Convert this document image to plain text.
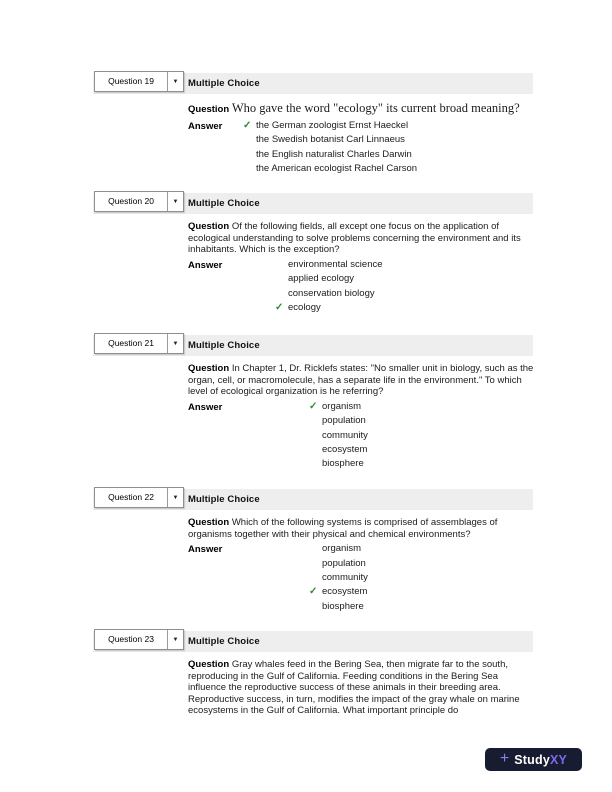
Question 19	▼ Multiple Choice

Question Who gave the word "ecology" its current broad meaning?

Answer ✓ the German zoologist Ernst Haeckel
the Swedish botanist Carl Linnaeus
the English naturalist Charles Darwin
the American ecologist Rachel Carson
Question 20	▼ Multiple Choice

Question Of the following fields, all except one focus on the application of ecological understanding to solve problems concerning the environment and its inhabitants. Which is the exception?

Answer	environmental science
applied ecology
conservation biology
✓ ecology
Question 21	▼ Multiple Choice

Question In Chapter 1, Dr. Ricklefs states: "No smaller unit in biology, such as the organ, cell, or macromolecule, has a separate life in the environment." To which level of ecological organization is he referring?

Answer	✓ organism
population
community
ecosystem
biosphere
Question 22	▼ Multiple Choice

Question Which of the following systems is comprised of assemblages of organisms together with their physical and chemical environments?

Answer	organism
population
community
✓ ecosystem
biosphere
Question 23	▼ Multiple Choice

Question Gray whales feed in the Bering Sea, then migrate far to the south, reproducing in the Gulf of California. Feeding conditions in the Bering Sea influence the reproductive success of these animals in their breeding area. Reproductive success, in turn, modifies the impact of the gray whale on marine ecosystems in the Gulf of California. What important principle do

+ Study XY
